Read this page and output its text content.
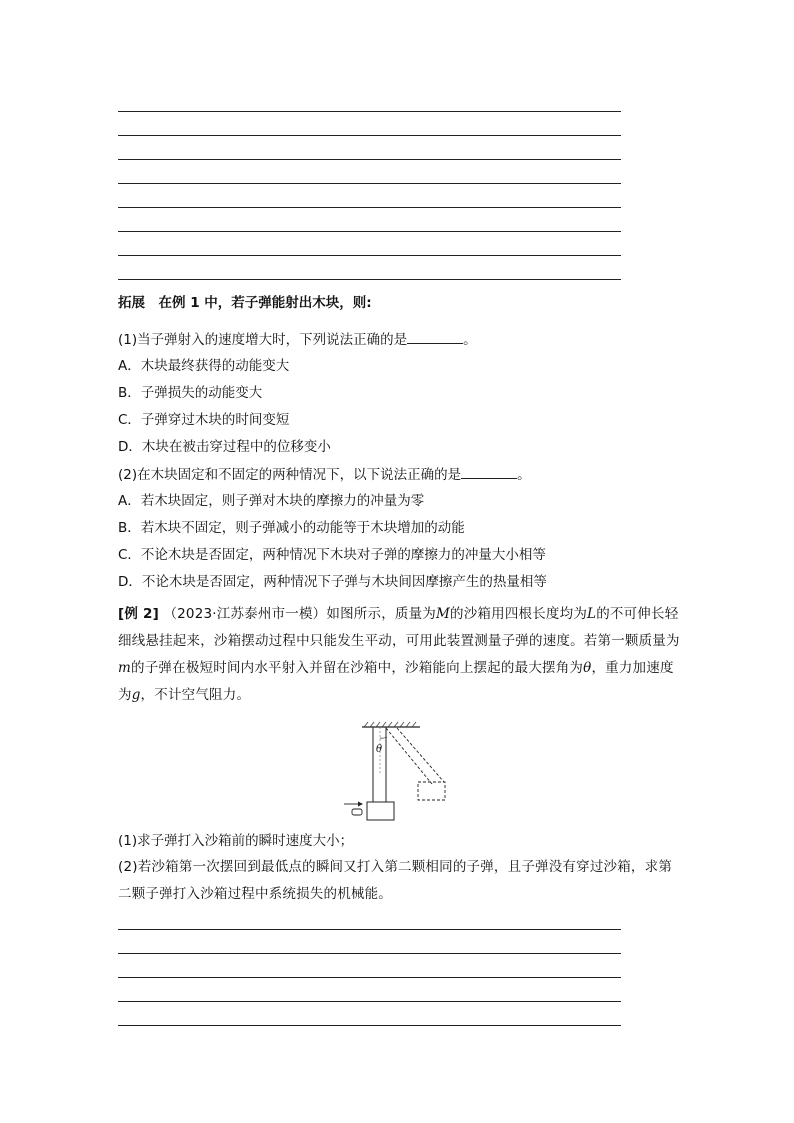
拓展　在例 1 中，若子弹能射出木块，则:
(1)当子弹射入的速度增大时，下列说法正确的是	。
A．木块最终获得的动能变大
B．子弹损失的动能变大
C．子弹穿过木块的时间变短
D．木块在被击穿过程中的位移变小
(2)在木块固定和不固定的两种情况下，以下说法正确的是	。
A．若木块固定，则子弹对木块的摩擦力的冲量为零
B．若木块不固定，则子弹减小的动能等于木块增加的动能
C．不论木块是否固定，两种情况下木块对子弹的摩擦力的冲量大小相等
D．不论木块是否固定，两种情况下子弹与木块间因摩擦产生的热量相等
[例 2] （2023·江苏泰州市一模）如图所示，质量为M的沙箱用四根长度均为L的不可伸长轻细线悬挂起来，沙箱摆动过程中只能发生平动，可用此装置测量子弹的速度。若第一颗质量为m的子弹在极短时间内水平射入并留在沙箱中，沙箱能向上摆起的最大摆角为θ，重力加速度为g，不计空气阻力。
θ
(1)求子弹打入沙箱前的瞬时速度大小；
(2)若沙箱第一次摆回到最低点的瞬间又打入第二颗相同的子弹，且子弹没有穿过沙箱，求第二颗子弹打入沙箱过程中系统损失的机械能。
